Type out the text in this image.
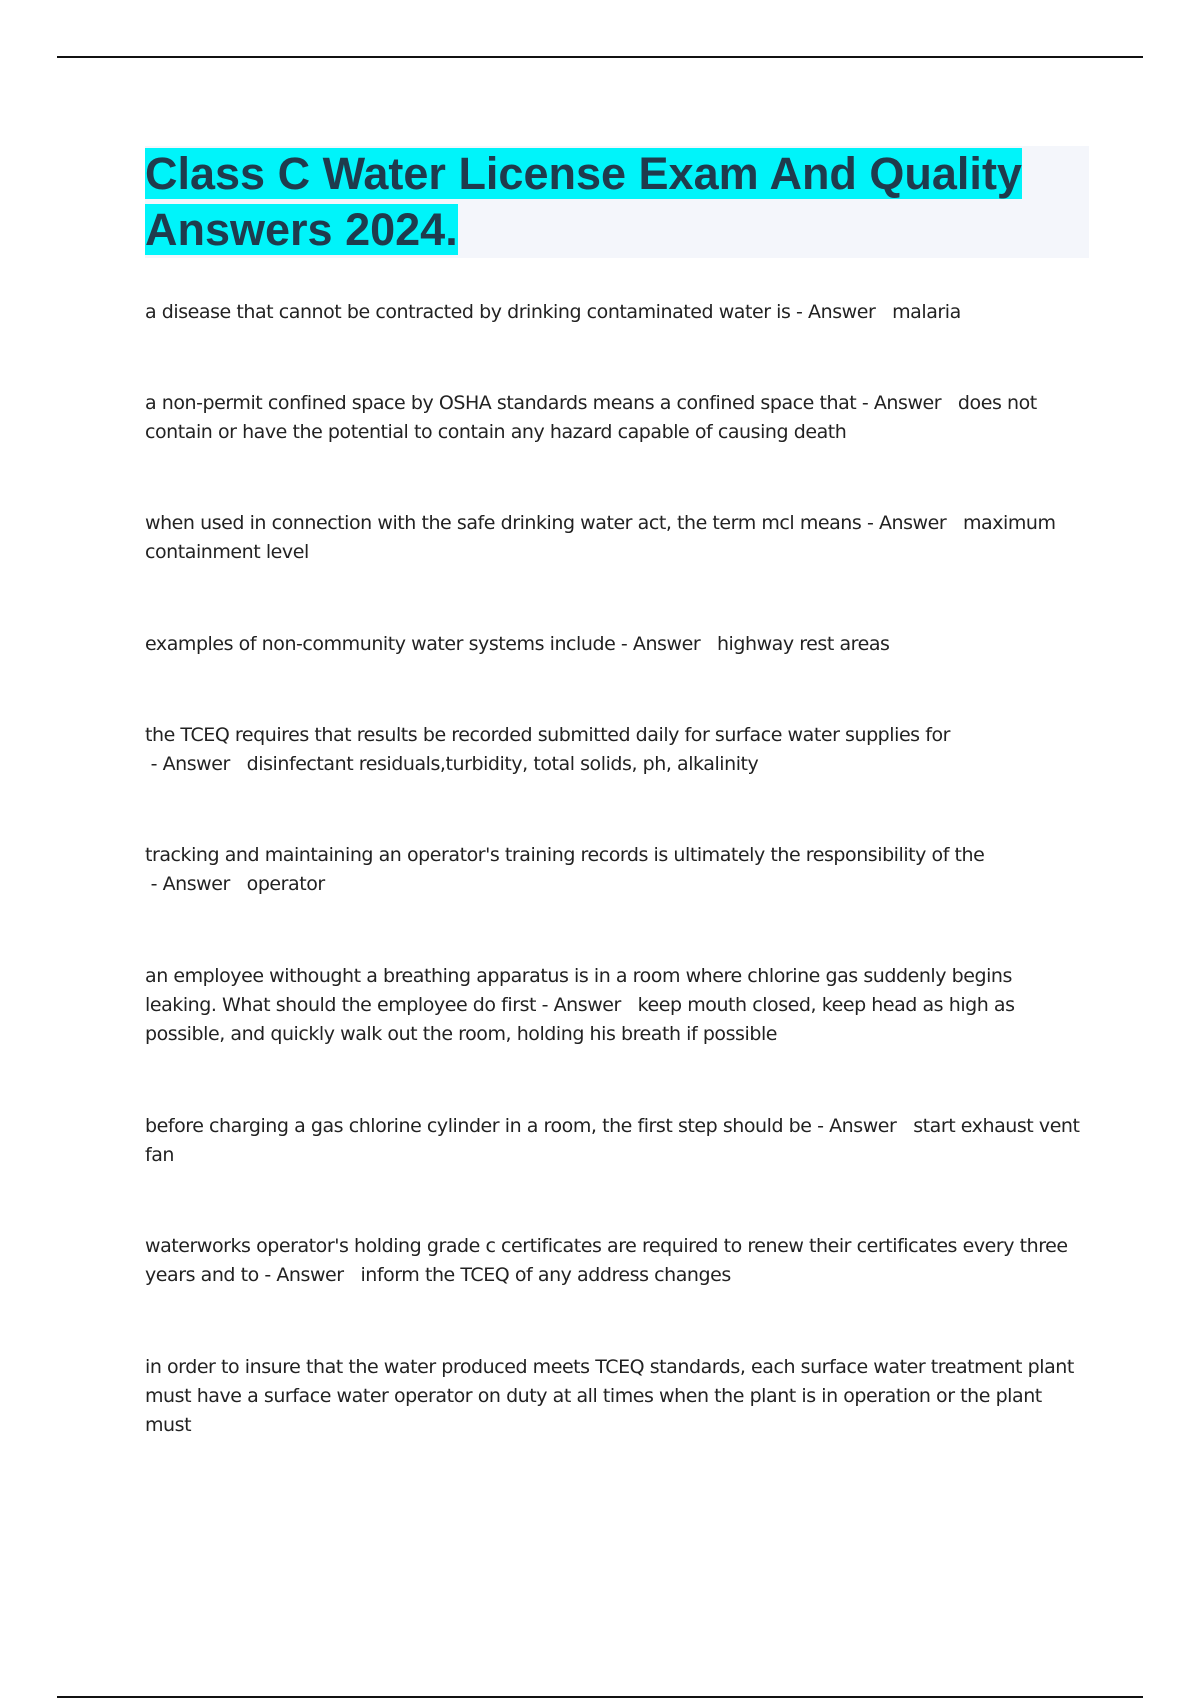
Class C Water License Exam And Quality Answers 2024.
a disease that cannot be contracted by drinking contaminated water is - Answer   malaria
a non-permit confined space by OSHA standards means a confined space that - Answer   does not contain or have the potential to contain any hazard capable of causing death
when used in connection with the safe drinking water act, the term mcl means - Answer   maximum containment level
examples of non-community water systems include - Answer   highway rest areas
the TCEQ requires that results be recorded submitted daily for surface water supplies for - Answer   disinfectant residuals,turbidity, total solids, ph, alkalinity
tracking and maintaining an operator's training records is ultimately the responsibility of the - Answer   operator
an employee withought a breathing apparatus is in a room where chlorine gas suddenly begins leaking. What should the employee do first - Answer   keep mouth closed, keep head as high as possible, and quickly walk out the room, holding his breath if possible
before charging a gas chlorine cylinder in a room, the first step should be - Answer   start exhaust vent fan
waterworks operator's holding grade c certificates are required to renew their certificates every three years and to - Answer   inform the TCEQ of any address changes
in order to insure that the water produced meets TCEQ standards, each surface water treatment plant must have a surface water operator on duty at all times when the plant is in operation or the plant must
